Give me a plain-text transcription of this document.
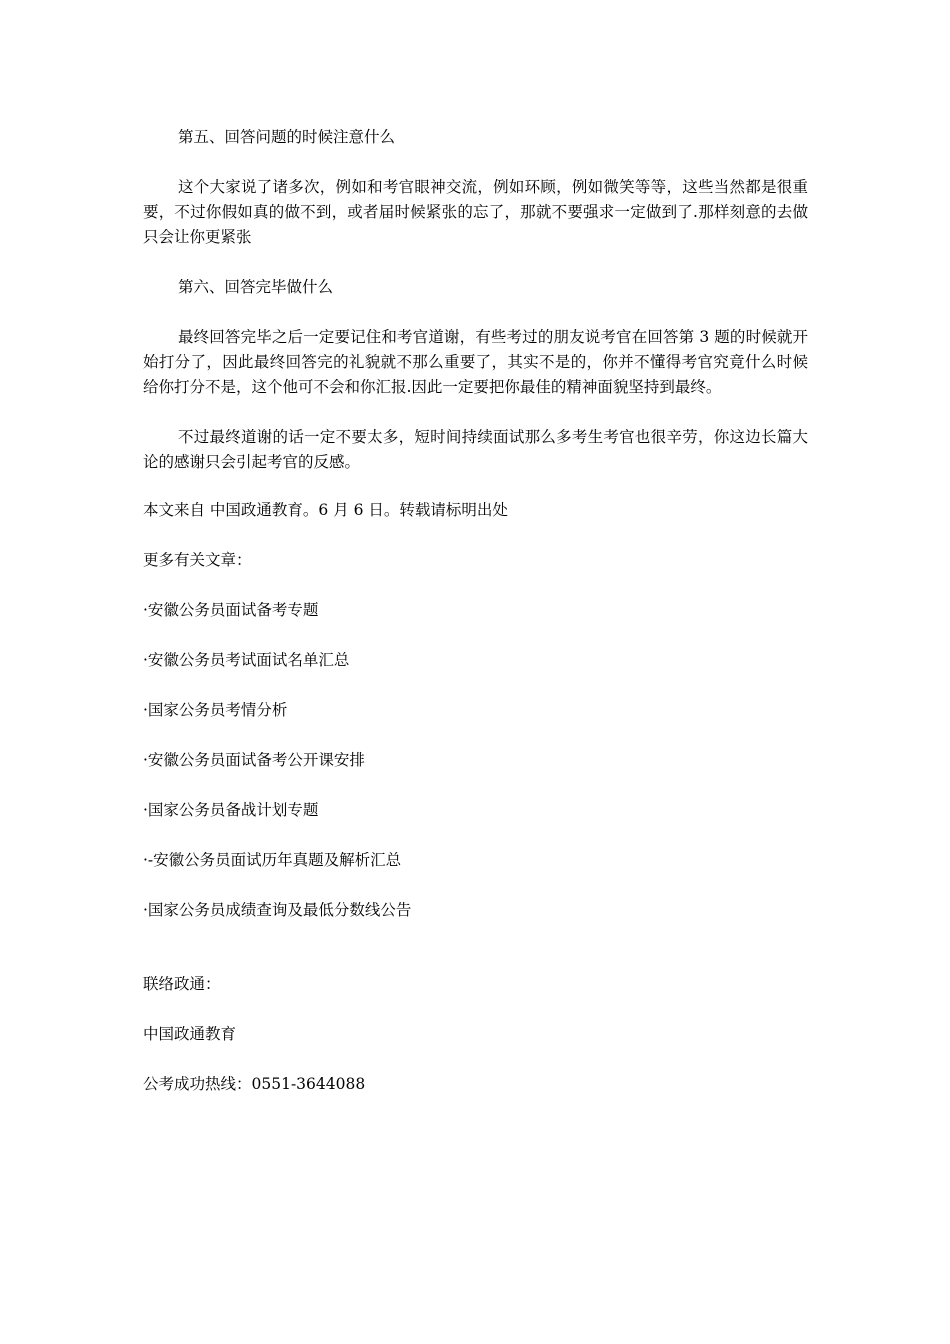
第五、回答问题的时候注意什么
这个大家说了诸多次，例如和考官眼神交流，例如环顾，例如微笑等等，这些当然都是很重要，不过你假如真的做不到，或者届时候紧张的忘了，那就不要强求一定做到了.那样刻意的去做只会让你更紧张
第六、回答完毕做什么
最终回答完毕之后一定要记住和考官道谢，有些考过的朋友说考官在回答第 3 题的时候就开始打分了，因此最终回答完的礼貌就不那么重要了，其实不是的，你并不懂得考官究竟什么时候给你打分不是，这个他可不会和你汇报.因此一定要把你最佳的精神面貌坚持到最终。
不过最终道谢的话一定不要太多，短时间持续面试那么多考生考官也很辛劳，你这边长篇大论的感谢只会引起考官的反感。
本文来自 中国政通教育。6 月 6 日。转载请标明出处
更多有关文章：
·安徽公务员面试备考专题
·安徽公务员考试面试名单汇总
·国家公务员考情分析
·安徽公务员面试备考公开课安排
·国家公务员备战计划专题
·-安徽公务员面试历年真题及解析汇总
·国家公务员成绩查询及最低分数线公告
联络政通：
中国政通教育
公考成功热线：0551-3644088
